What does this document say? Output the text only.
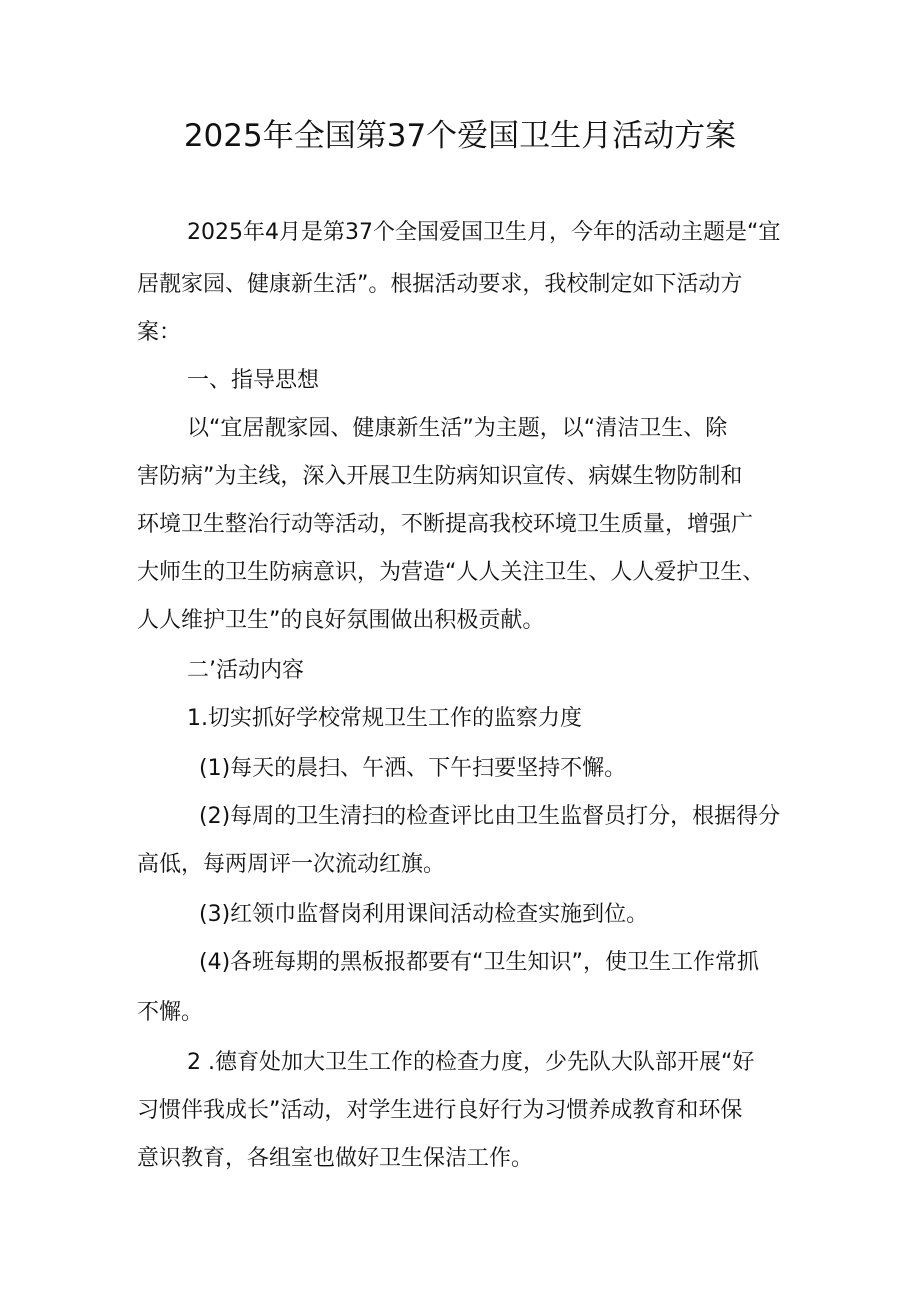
2025年全国第37个爱国卫生月活动方案
2025年4月是第37个全国爱国卫生月，今年的活动主题是“宜
居靓家园、健康新生活”。根据活动要求，我校制定如下活动方
案：
一、指导思想
以“宜居靓家园、健康新生活”为主题，以“清洁卫生、除
害防病”为主线，深入开展卫生防病知识宣传、病媒生物防制和
环境卫生整治行动等活动，不断提高我校环境卫生质量，增强广
大师生的卫生防病意识，为营造“人人关注卫生、人人爱护卫生、
人人维护卫生”的良好氛围做出积极贡献。
二’活动内容
1.切实抓好学校常规卫生工作的监察力度
(1)每天的晨扫、午洒、下午扫要坚持不懈。
(2)每周的卫生清扫的检查评比由卫生监督员打分，根据得分
高低，每两周评一次流动红旗。
(3)红领巾监督岗利用课间活动检查实施到位。
(4)各班每期的黑板报都要有“卫生知识”，使卫生工作常抓
不懈。
2 .德育处加大卫生工作的检查力度，少先队大队部开展“好
习惯伴我成长”活动，对学生进行良好行为习惯养成教育和环保
意识教育，各组室也做好卫生保洁工作。
